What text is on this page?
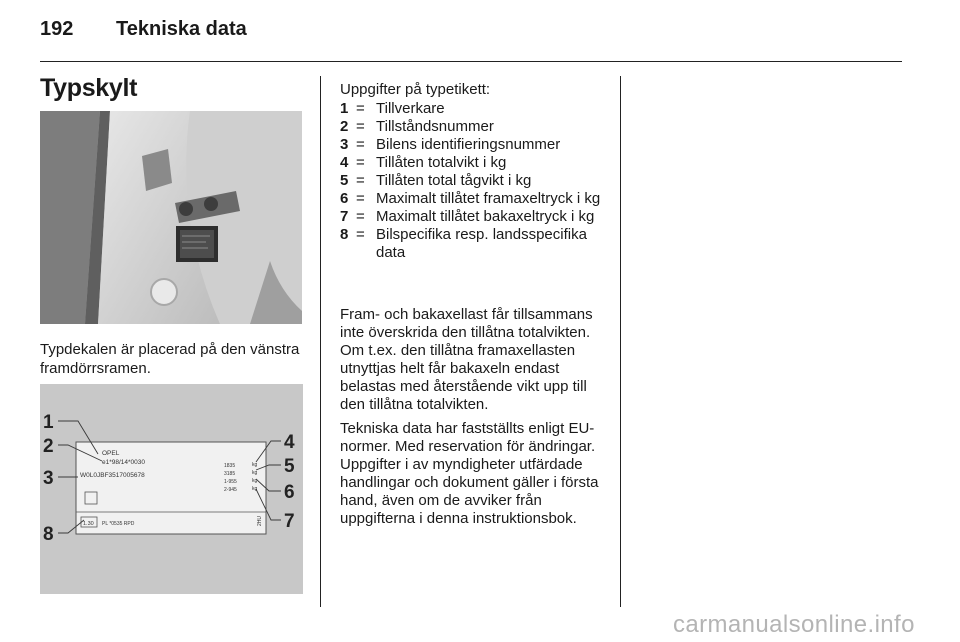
192 Tekniska data
Typskylt
Typdekalen är placerad på den vänstra framdörrsramen.
OPEL
e1*98/14*0030
W0L0JBF3517005678
1835
3185
1-955
2-945
kg
kg
kg
kg
1.30 PL *0535 RPD	2HU
1
2
3
8
4
5
6
7
Uppgifter på typetikett:
1 = Tillverkare
2 = Tillståndsnummer
3 = Bilens identifieringsnummer
4 = Tillåten totalvikt i kg
5 = Tillåten total tågvikt i kg
6 = Maximalt tillåtet framaxeltryck i kg
7 = Maximalt tillåtet bakaxeltryck i kg
8 = Bilspecifika resp. landsspecifika data

Fram- och bakaxellast får tillsammans inte överskrida den tillåtna totalvikten. Om t.ex. den tillåtna framaxellasten utnyttjas helt får bakaxeln endast belastas med återstående vikt upp till den tillåtna totalvikten.

Tekniska data har fastställts enligt EU-normer. Med reservation för ändringar. Uppgifter i av myndigheter utfärdade handlingar och dokument gäller i första hand, även om de avviker från uppgifterna i denna instruktionsbok.

carmanualsonline.info
